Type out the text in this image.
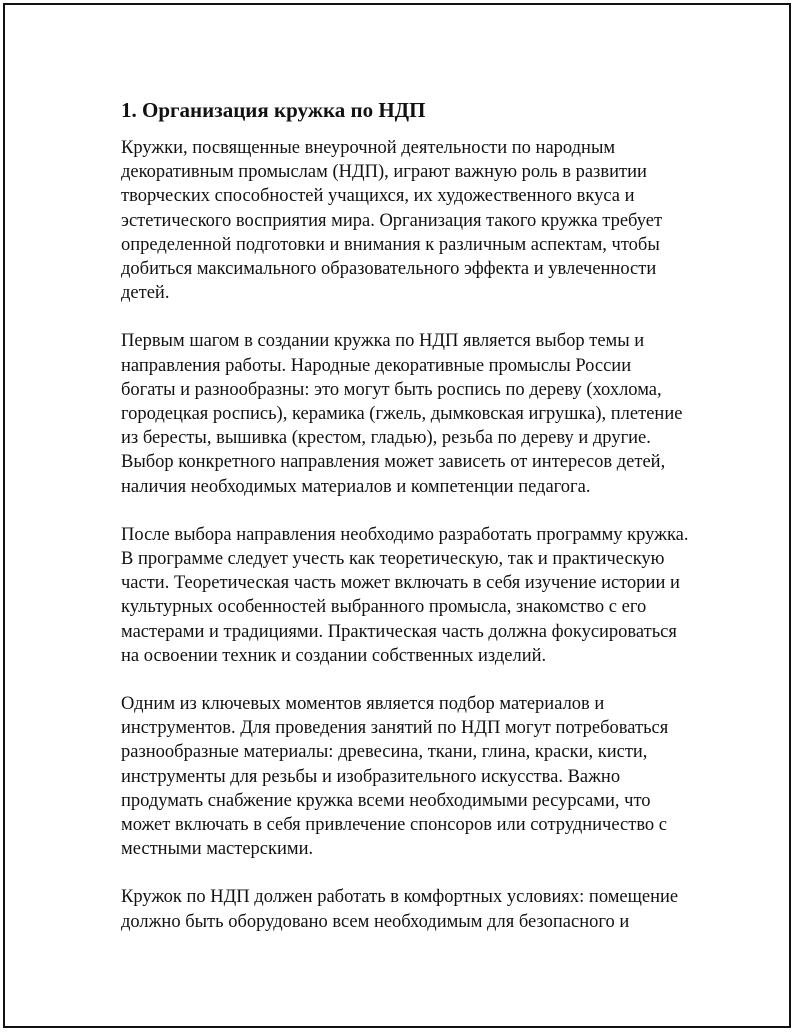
1. Организация кружка по НДП

Кружки, посвященные внеурочной деятельности по народным
декоративным промыслам (НДП), играют важную роль в развитии
творческих способностей учащихся, их художественного вкуса и
эстетического восприятия мира. Организация такого кружка требует
определенной подготовки и внимания к различным аспектам, чтобы
добиться максимального образовательного эффекта и увлеченности
детей.

Первым шагом в создании кружка по НДП является выбор темы и
направления работы. Народные декоративные промыслы России
богаты и разнообразны: это могут быть роспись по дереву (хохлома,
городецкая роспись), керамика (гжель, дымковская игрушка), плетение
из бересты, вышивка (крестом, гладью), резьба по дереву и другие.
Выбор конкретного направления может зависеть от интересов детей,
наличия необходимых материалов и компетенции педагога.

После выбора направления необходимо разработать программу кружка.
В программе следует учесть как теоретическую, так и практическую
части. Теоретическая часть может включать в себя изучение истории и
культурных особенностей выбранного промысла, знакомство с его
мастерами и традициями. Практическая часть должна фокусироваться
на освоении техник и создании собственных изделий.

Одним из ключевых моментов является подбор материалов и
инструментов. Для проведения занятий по НДП могут потребоваться
разнообразные материалы: древесина, ткани, глина, краски, кисти,
инструменты для резьбы и изобразительного искусства. Важно
продумать снабжение кружка всеми необходимыми ресурсами, что
может включать в себя привлечение спонсоров или сотрудничество с
местными мастерскими.

Кружок по НДП должен работать в комфортных условиях: помещение
должно быть оборудовано всем необходимым для безопасного и
